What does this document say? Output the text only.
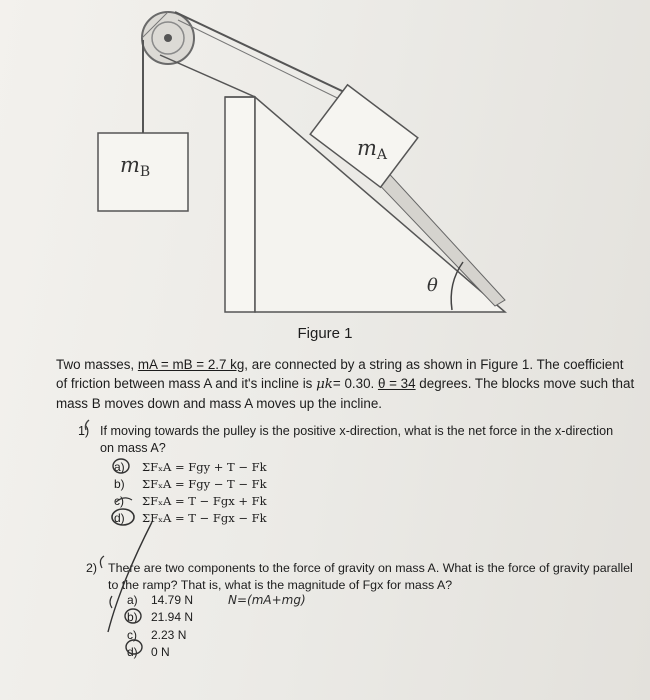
mB
mA
θ
Figure 1
Two masses, mA = mB = 2.7 kg, are connected by a string as shown in Figure 1. The coefficient of friction between mass A and it's incline is μk= 0.30. θ = 34 degrees. The blocks move such that mass B moves down and mass A moves up the incline.
1) If moving towards the pulley is the positive x-direction, what is the net force in the x-direction on mass A?
a)	ΣFₓA = Fgy + T − Fk
b)	ΣFₓA = Fgy − T − Fk
c)	ΣFₓA = T − Fgx + Fk
d)	ΣFₓA = T − Fgx − Fk
2) There are two components to the force of gravity on mass A. What is the force of gravity parallel to the ramp? That is, what is the magnitude of Fgx for mass A?
a)	14.79 N
b)	21.94 N
c)	2.23 N
d)	0 N
N=(mA+mg)
